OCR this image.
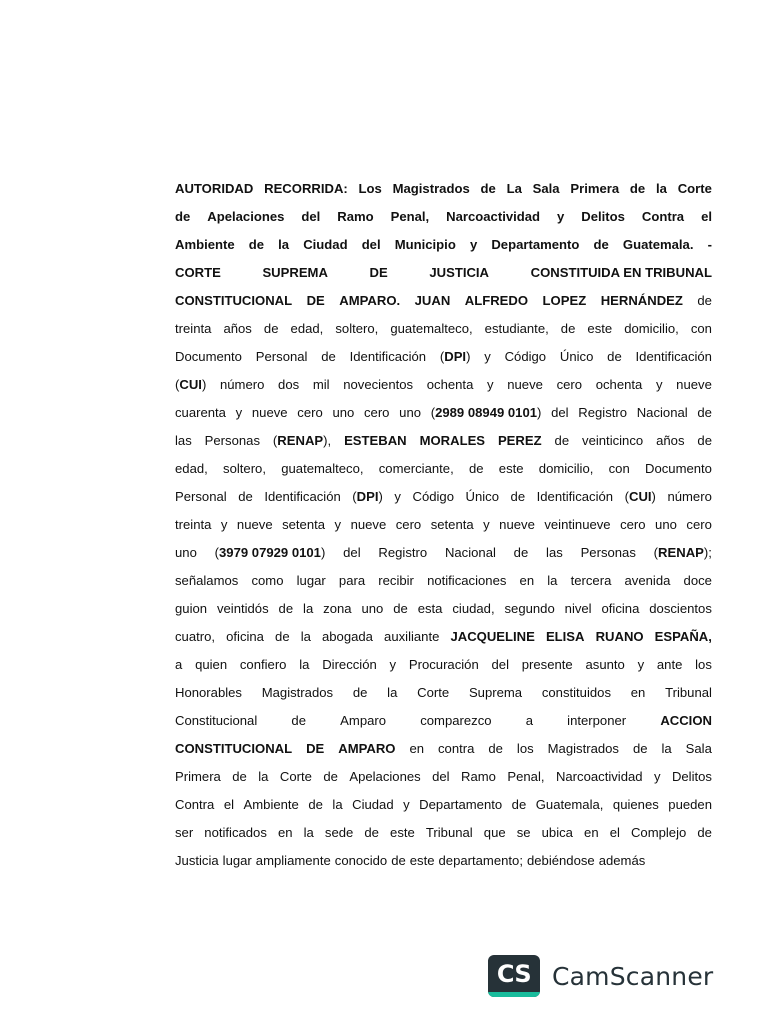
AUTORIDAD RECORRIDA: Los Magistrados de La Sala Primera de la Corte
de Apelaciones del Ramo Penal, Narcoactividad y Delitos Contra el
Ambiente de la Ciudad del Municipio y Departamento de Guatemala. -
CORTE	SUPREMA	DE	JUSTICIA	CONSTITUIDA EN TRIBUNAL
CONSTITUCIONAL DE AMPARO. JUAN ALFREDO LOPEZ HERNÁNDEZ de
treinta años de edad, soltero, guatemalteco, estudiante, de este domicilio, con
Documento Personal de Identificación (DPI) y Código Único de Identificación
(CUI) número dos mil novecientos ochenta y nueve cero ochenta y nueve
cuarenta y nueve cero uno cero uno (2989 08949 0101) del Registro Nacional de
las Personas (RENAP), ESTEBAN MORALES PEREZ de veinticinco años de
edad, soltero, guatemalteco, comerciante, de este domicilio, con Documento
Personal de Identificación (DPI) y Código Único de Identificación (CUI) número
treinta y nueve setenta y nueve cero setenta y nueve veintinueve cero uno cero
uno (3979 07929 0101) del Registro Nacional de las Personas (RENAP);
señalamos como lugar para recibir notificaciones en la tercera avenida doce
guion veintidós de la zona uno de esta ciudad, segundo nivel oficina doscientos
cuatro, oficina de la abogada auxiliante JACQUELINE ELISA RUANO ESPAÑA,
a quien confiero la Dirección y Procuración del presente asunto y ante los
Honorables Magistrados de la Corte Suprema constituidos en Tribunal
Constitucional	de	Amparo	comparezco	a	interponer	ACCION
CONSTITUCIONAL DE AMPARO en contra de los Magistrados de la Sala
Primera de la Corte de Apelaciones del Ramo Penal, Narcoactividad y Delitos
Contra el Ambiente de la Ciudad y Departamento de Guatemala, quienes pueden
ser notificados en la sede de este Tribunal que se ubica en el Complejo de
Justicia lugar ampliamente conocido de este departamento; debiéndose además
CS CamScanner
